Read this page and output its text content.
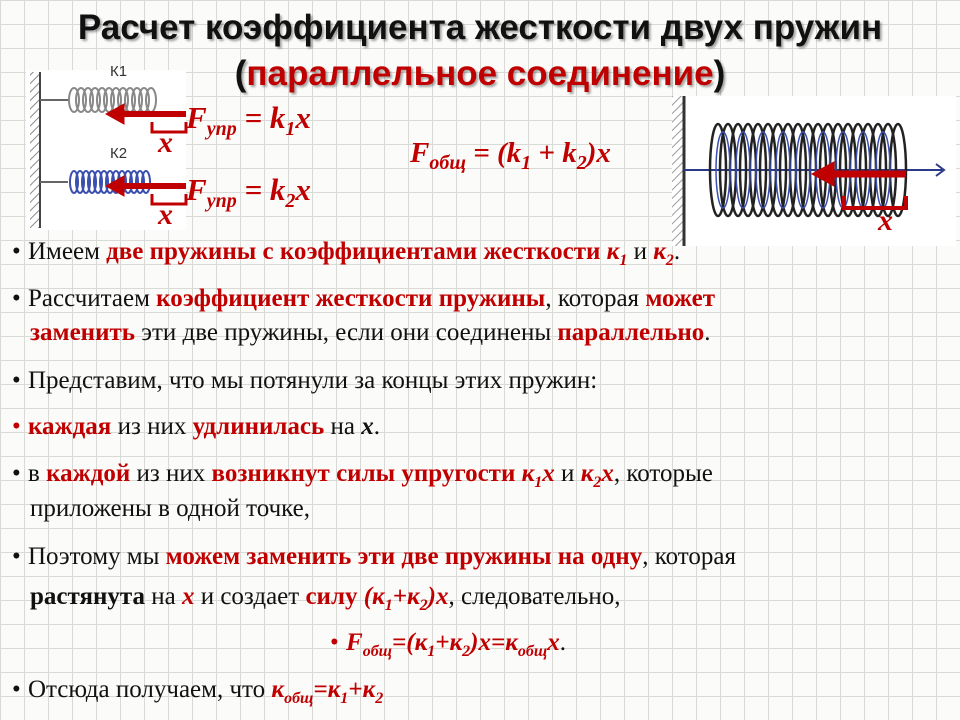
Расчет коэффициента жесткости двух пружин
(параллельное соединение)
К1
К2 x
x
$F_{упр} = k_1x$
$F_{упр} = k_2x$
$F_{общ} = (k_1 + k_2)x$
x
• Имеем две пружины с коэффициентами жесткости $к_1$ и $к_2$.
• Рассчитаем коэффициент жесткости пружины, которая может
заменить эти две пружины, если они соединены параллельно.
• Представим, что мы потянули за концы этих пружин:
• каждая из них удлинилась на x.
• в каждой из них возникнут силы упругости $к_1x$ и $к_2x$, которые
приложены в одной точке,
• Поэтому мы можем заменить эти две пружины на одну, которая
растянута на x и создает силу $(к_1+к_2)x$, следовательно,
• $F_{общ}=(к_1+к_2)x=к_{общ}x$.
• Отсюда получаем, что $к_{общ}=к_1+к_2$
